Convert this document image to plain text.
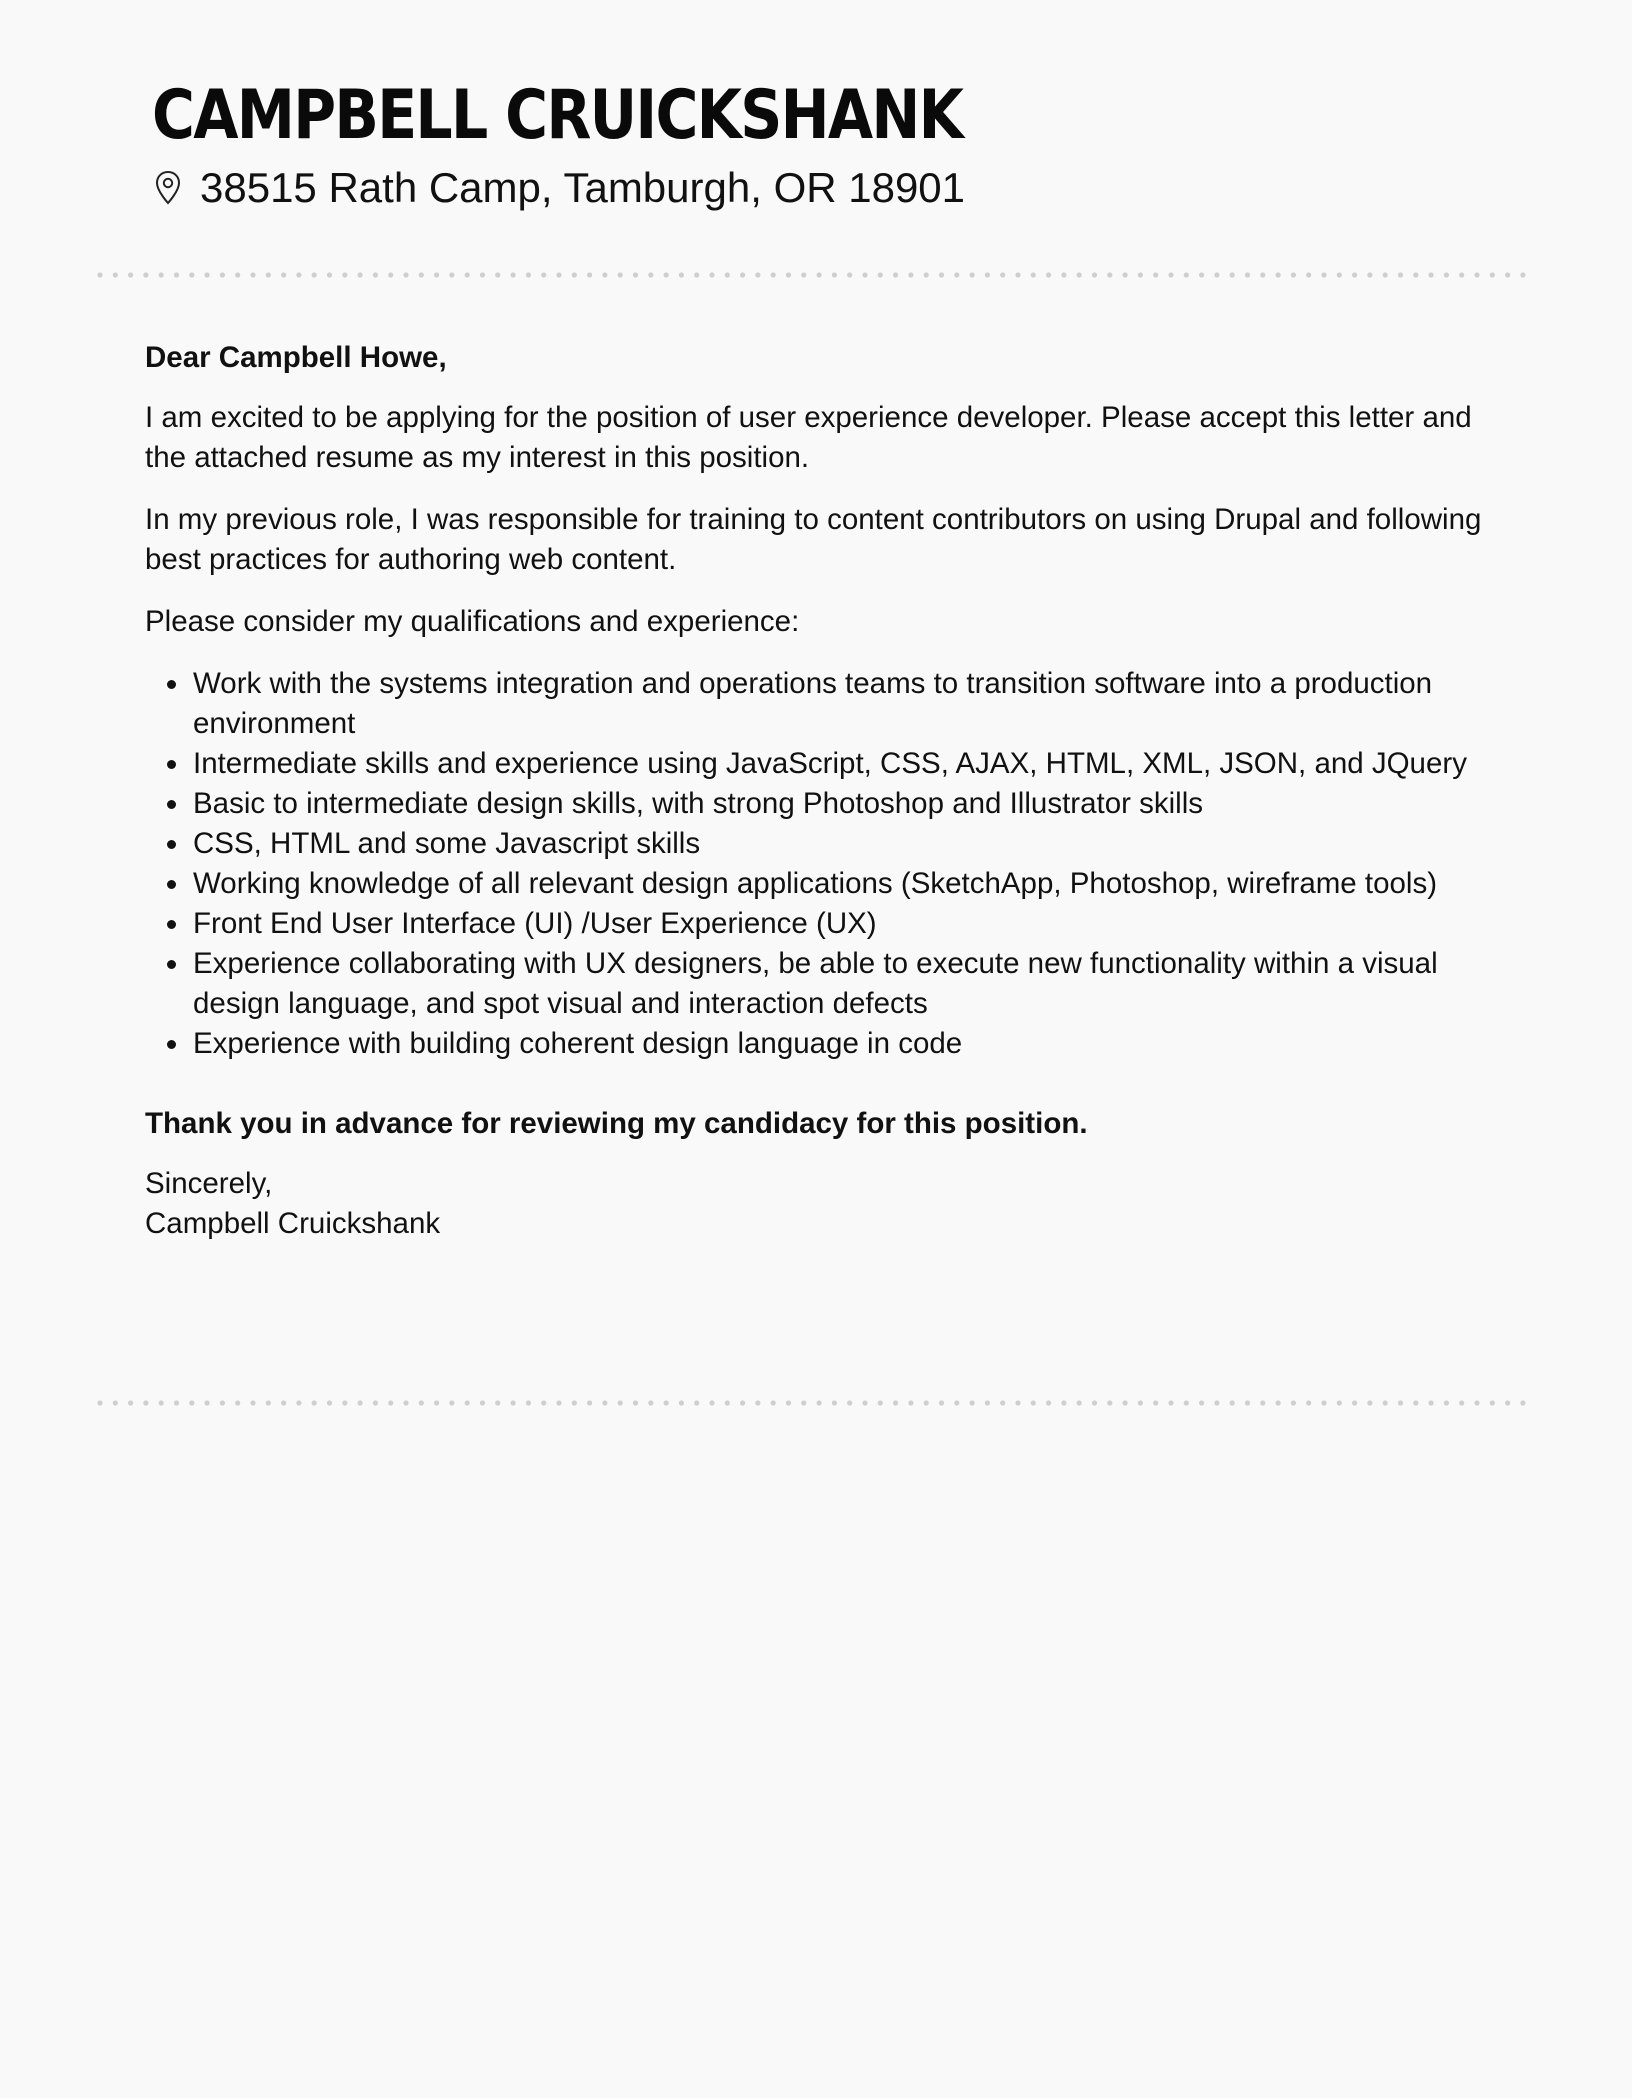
CAMPBELL CRUICKSHANK
38515 Rath Camp, Tamburgh, OR 18901

Dear Campbell Howe,

I am excited to be applying for the position of user experience developer. Please accept this letter and the attached resume as my interest in this position.

In my previous role, I was responsible for training to content contributors on using Drupal and following best practices for authoring web content.

Please consider my qualifications and experience:

Work with the systems integration and operations teams to transition software into a production environment
Intermediate skills and experience using JavaScript, CSS, AJAX, HTML, XML, JSON, and JQuery
Basic to intermediate design skills, with strong Photoshop and Illustrator skills
CSS, HTML and some Javascript skills
Working knowledge of all relevant design applications (SketchApp, Photoshop, wireframe tools)
Front End User Interface (UI) /User Experience (UX)
Experience collaborating with UX designers, be able to execute new functionality within a visual design language, and spot visual and interaction defects
Experience with building coherent design language in code

Thank you in advance for reviewing my candidacy for this position.

Sincerely,

Campbell Cruickshank
